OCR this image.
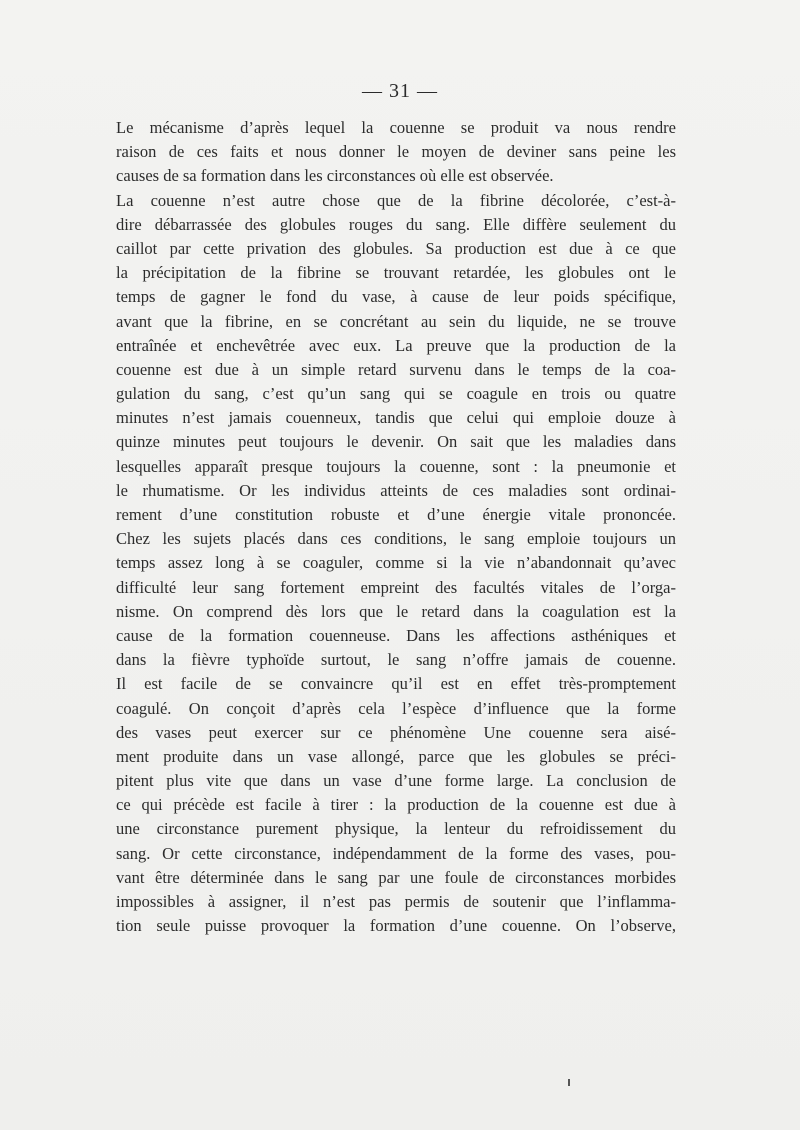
— 31 —
Le mécanisme d’après lequel la couenne se produit va nous rendre
raison de ces faits et nous donner le moyen de deviner sans peine les
causes de sa formation dans les circonstances où elle est observée.
La couenne n’est autre chose que de la fibrine décolorée, c’est-à-
dire débarrassée des globules rouges du sang. Elle diffère seulement du
caillot par cette privation des globules. Sa production est due à ce que
la précipitation de la fibrine se trouvant retardée, les globules ont le
temps de gagner le fond du vase, à cause de leur poids spécifique,
avant que la fibrine, en se concrétant au sein du liquide, ne se trouve
entraînée et enchevêtrée avec eux. La preuve que la production de la
couenne est due à un simple retard survenu dans le temps de la coa-
gulation du sang, c’est qu’un sang qui se coagule en trois ou quatre
minutes n’est jamais couenneux, tandis que celui qui emploie douze à
quinze minutes peut toujours le devenir. On sait que les maladies dans
lesquelles apparaît presque toujours la couenne, sont : la pneumonie et
le rhumatisme. Or les individus atteints de ces maladies sont ordinai-
rement d’une constitution robuste et d’une énergie vitale prononcée.
Chez les sujets placés dans ces conditions, le sang emploie toujours un
temps assez long à se coaguler, comme si la vie n’abandonnait qu’avec
difficulté leur sang fortement empreint des facultés vitales de l’orga-
nisme. On comprend dès lors que le retard dans la coagulation est la
cause de la formation couenneuse. Dans les affections asthéniques et
dans la fièvre typhoïde surtout, le sang n’offre jamais de couenne.
Il est facile de se convaincre qu’il est en effet très-promptement
coagulé. On conçoit d’après cela l’espèce d’influence que la forme
des vases peut exercer sur ce phénomène Une couenne sera aisé-
ment produite dans un vase allongé, parce que les globules se préci-
pitent plus vite que dans un vase d’une forme large. La conclusion de
ce qui précède est facile à tirer : la production de la couenne est due à
une circonstance purement physique, la lenteur du refroidissement du
sang. Or cette circonstance, indépendamment de la forme des vases, pou-
vant être déterminée dans le sang par une foule de circonstances morbides
impossibles à assigner, il n’est pas permis de soutenir que l’inflamma-
tion seule puisse provoquer la formation d’une couenne. On l’observe,
